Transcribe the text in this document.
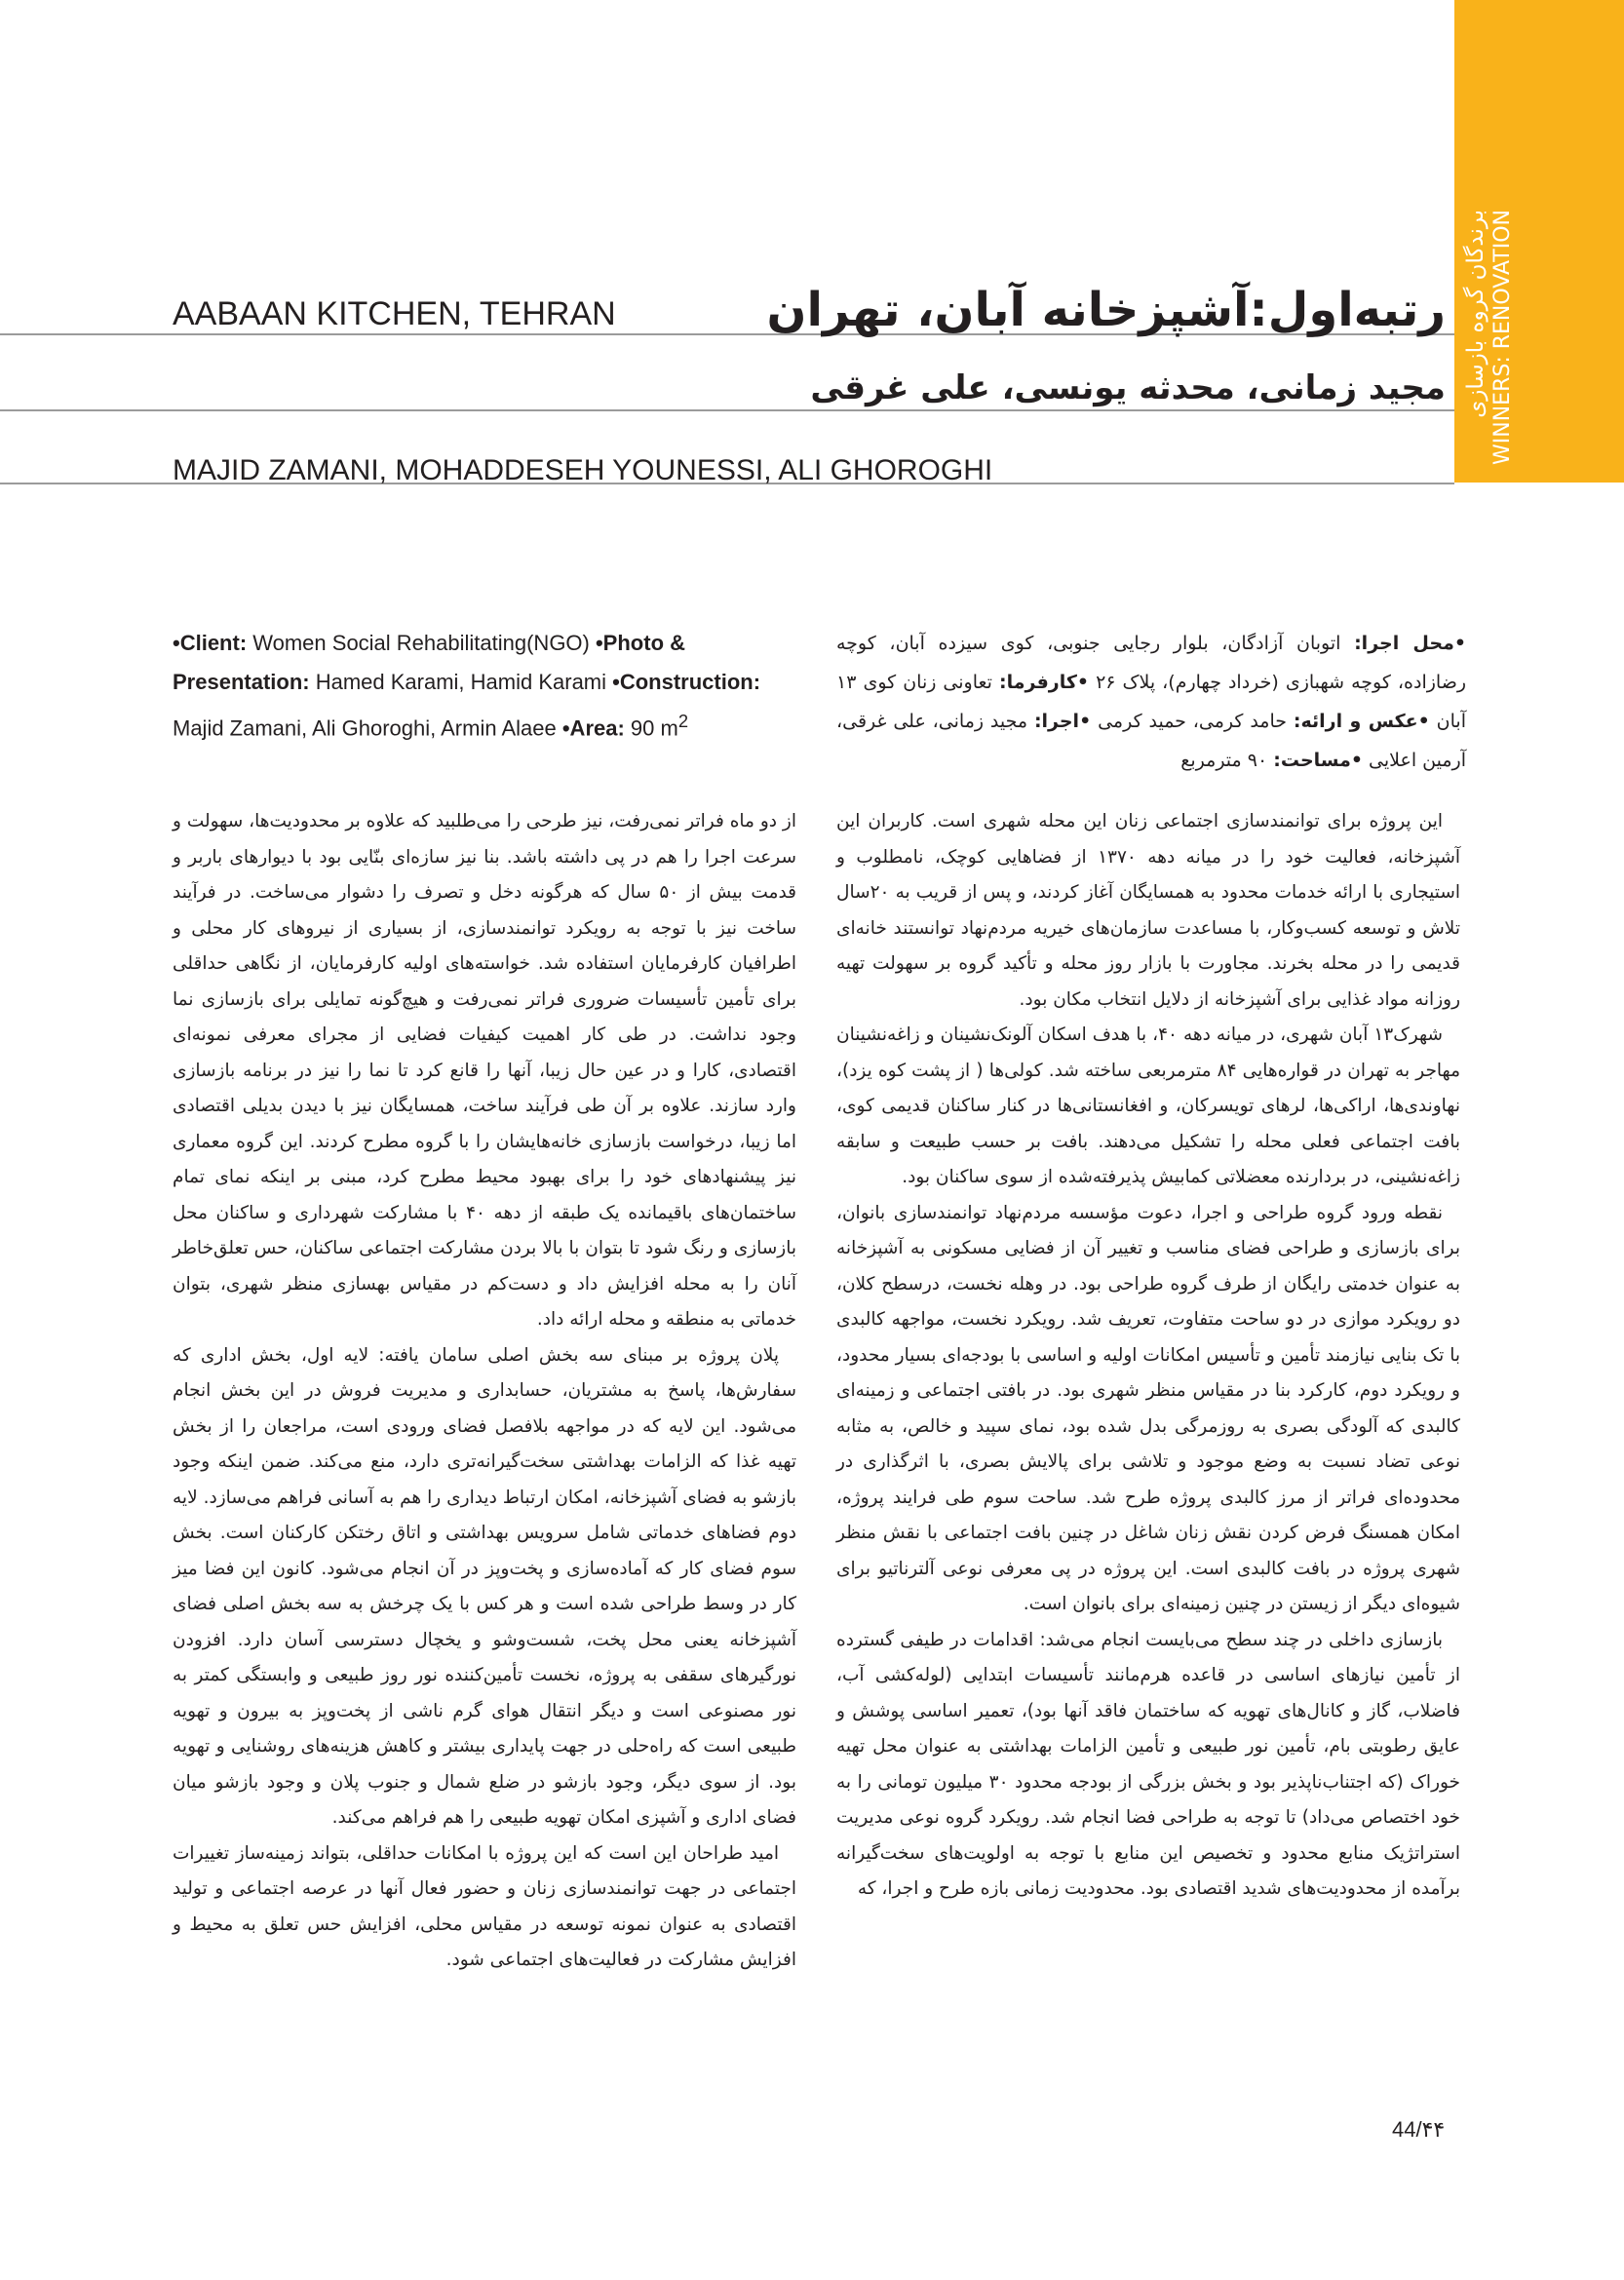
برندگان گروه بازسازی WINNERS: RENOVATION
رتبه‌اول:آشپزخانه آبان، تهران
AABAAN KITCHEN, TEHRAN
مجید زمانی، محدثه یونسی، علی غرقی
MAJID ZAMANI, MOHADDESEH YOUNESSI, ALI GHOROGHI
•Client: Women Social Rehabilitating(NGO) •Photo & Presentation: Hamed Karami, Hamid Karami •Construction: Majid Zamani, Ali Ghoroghi, Armin Alaee •Area: 90 $m^2$
•محل اجرا: اتوبان آزادگان، بلوار رجایی جنوبی، کوی سیزده آبان، کوچه رضازاده، کوچه شهبازی (خرداد چهارم)، پلاک ۲۶ •کارفرما: تعاونی زنان کوی ۱۳ آبان •عکس و ارائه: حامد کرمی، حمید کرمی •اجرا: مجید زمانی، علی غرقی، آرمین اعلایی •مساحت: ۹۰ مترمربع

این پروژه برای توانمندسازی اجتماعی زنان این محله شهری است. کاربران این آشپزخانه، فعالیت خود را در میانه دهه ۱۳۷۰ از فضاهایی کوچک، نامطلوب و استیجاری با ارائه خدمات محدود به همسایگان آغاز کردند، و پس از قریب به ۲۰سال تلاش و توسعه کسب‌وکار، با مساعدت سازمان‌های خیریه مردم‌نهاد توانستند خانه‌ای قدیمی را در محله بخرند. مجاورت با بازار روز محله و تأکید گروه بر سهولت تهیه روزانه مواد غذایی برای آشپزخانه از دلایل انتخاب مکان بود.

شهرک۱۳ آبان شهری، در میانه دهه ۴۰، با هدف اسکان آلونک‌نشینان و زاغه‌نشینان مهاجر به تهران در قواره‌هایی ۸۴ مترمربعی ساخته شد. کولی‌ها ( از پشت کوه یزد)، نهاوندی‌ها، اراکی‌ها، لرهای تویسرکان، و افغانستانی‌ها در کنار ساکنان قدیمی کوی، بافت اجتماعی فعلی محله را تشکیل می‌دهند. بافت بر حسب طبیعت و سابقه زاغه‌نشینی، در بردارنده معضلاتی کمابیش پذیرفته‌شده از سوی ساکنان بود.

نقطه ورود گروه طراحی و اجرا، دعوت مؤسسه مردم‌نهاد توانمندسازی بانوان، برای بازسازی و طراحی فضای مناسب و تغییر آن از فضایی مسکونی به آشپزخانه به عنوان خدمتی رایگان از طرف گروه طراحی بود. در وهله نخست، درسطح کلان، دو رویکرد موازی در دو ساحت متفاوت، تعریف شد. رویکرد نخست، مواجهه کالبدی با تک بنایی نیازمند تأمین و تأسیس امکانات اولیه و اساسی با بودجه‌ای بسیار محدود، و رویکرد دوم، کارکرد بنا در مقیاس منظر شهری بود. در بافتی اجتماعی و زمینه‌ای کالبدی که آلودگی بصری به روزمرگی بدل شده بود، نمای سپید و خالص، به مثابه نوعی تضاد نسبت به وضع موجود و تلاشی برای پالایش بصری، با اثرگذاری در محدوده‌ای فراتر از مرز کالبدی پروژه طرح شد. ساحت سوم طی فرایند پروژه، امکان همسنگ فرض کردن نقش زنان شاغل در چنین بافت اجتماعی با نقش منظر شهری پروژه در بافت کالبدی است. این پروژه در پی معرفی نوعی آلترناتیو برای شیوه‌ای دیگر از زیستن در چنین زمینه‌ای برای بانوان است.

بازسازی داخلی در چند سطح می‌بایست انجام می‌شد: اقدامات در طیفی گسترده از تأمین نیازهای اساسی در قاعده هرم‌مانند تأسیسات ابتدایی (لوله‌کشی آب، فاضلاب، گاز و کانال‌های تهویه که ساختمان فاقد آنها بود)، تعمیر اساسی پوشش و عایق رطوبتی بام، تأمین نور طبیعی و تأمین الزامات بهداشتی به عنوان محل تهیه خوراک (که اجتناب‌ناپذیر بود و بخش بزرگی از بودجه محدود ۳۰ میلیون تومانی را به خود اختصاص می‌داد) تا توجه به طراحی فضا انجام شد. رویکرد گروه نوعی مدیریت استراتژیک منابع محدود و تخصیص این منابع با توجه به اولویت‌های سخت‌گیرانه برآمده از محدودیت‌های شدید اقتصادی بود. محدودیت زمانی بازه طرح و اجرا، که

از دو ماه فراتر نمی‌رفت، نیز طرحی را می‌طلبید که علاوه بر محدودیت‌ها، سهولت و سرعت اجرا را هم در پی داشته باشد. بنا نیز سازه‌ای بنّایی بود با دیوارهای باربر و قدمت بیش از ۵۰ سال که هرگونه دخل و تصرف را دشوار می‌ساخت. در فرآیند ساخت نیز با توجه به رویکرد توانمندسازی، از بسیاری از نیروهای کار محلی و اطرافیان کارفرمایان استفاده شد. خواسته‌های اولیه کارفرمایان، از نگاهی حداقلی برای تأمین تأسیسات ضروری فراتر نمی‌رفت و هیچ‌گونه تمایلی برای بازسازی نما وجود نداشت. در طی کار اهمیت کیفیات فضایی از مجرای معرفی نمونه‌ای اقتصادی، کارا و در عین حال زیبا، آنها را قانع کرد تا نما را نیز در برنامه بازسازی وارد سازند. علاوه بر آن طی فرآیند ساخت، همسایگان نیز با دیدن بدیلی اقتصادی اما زیبا، درخواست بازسازی خانه‌هایشان را با گروه مطرح کردند. این گروه معماری نیز پیشنهادهای خود را برای بهبود محیط مطرح کرد، مبنی بر اینکه نمای تمام ساختمان‌های باقیمانده یک طبقه از دهه ۴۰ با مشارکت شهرداری و ساکنان محل بازسازی و رنگ شود تا بتوان با بالا بردن مشارکت اجتماعی ساکنان، حس تعلق‌خاطر آنان را به محله افزایش داد و دست‌کم در مقیاس بهسازی منظر شهری، بتوان خدماتی به منطقه و محله ارائه داد.

پلان پروژه بر مبنای سه بخش اصلی سامان یافته: لایه اول، بخش اداری که سفارش‌ها، پاسخ به مشتریان، حسابداری و مدیریت فروش در این بخش انجام می‌شود. این لایه که در مواجهه بلافصل فضای ورودی است، مراجعان را از بخش تهیه غذا که الزامات بهداشتی سخت‌گیرانه‌تری دارد، منع می‌کند. ضمن اینکه وجود بازشو به فضای آشپزخانه، امکان ارتباط دیداری را هم به آسانی فراهم می‌سازد. لایه دوم فضاهای خدماتی شامل سرویس بهداشتی و اتاق رختکن کارکنان است. بخش سوم فضای کار که آماده‌سازی و پخت‌وپز در آن انجام می‌شود. کانون این فضا میز کار در وسط طراحی شده است و هر کس با یک چرخش به سه بخش اصلی فضای آشپزخانه یعنی محل پخت، شست‌وشو و یخچال دسترسی آسان دارد. افزودن نورگیرهای سقفی به پروژه، نخست تأمین‌کننده نور روز طبیعی و وابستگی کمتر به نور مصنوعی است و دیگر انتقال هوای گرم ناشی از پخت‌وپز به بیرون و تهویه طبیعی است که راه‌حلی در جهت پایداری بیشتر و کاهش هزینه‌های روشنایی و تهویه بود. از سوی دیگر، وجود بازشو در ضلع شمال و جنوب پلان و وجود بازشو میان فضای اداری و آشپزی امکان تهویه طبیعی را هم فراهم می‌کند.

امید طراحان این است که این پروژه با امکانات حداقلی، بتواند زمینه‌ساز تغییرات اجتماعی در جهت توانمندسازی زنان و حضور فعال آنها در عرصه اجتماعی و تولید اقتصادی به عنوان نمونه توسعه در مقیاس محلی، افزایش حس تعلق به محیط و افزایش مشارکت در فعالیت‌های اجتماعی شود.

44/۴۴
